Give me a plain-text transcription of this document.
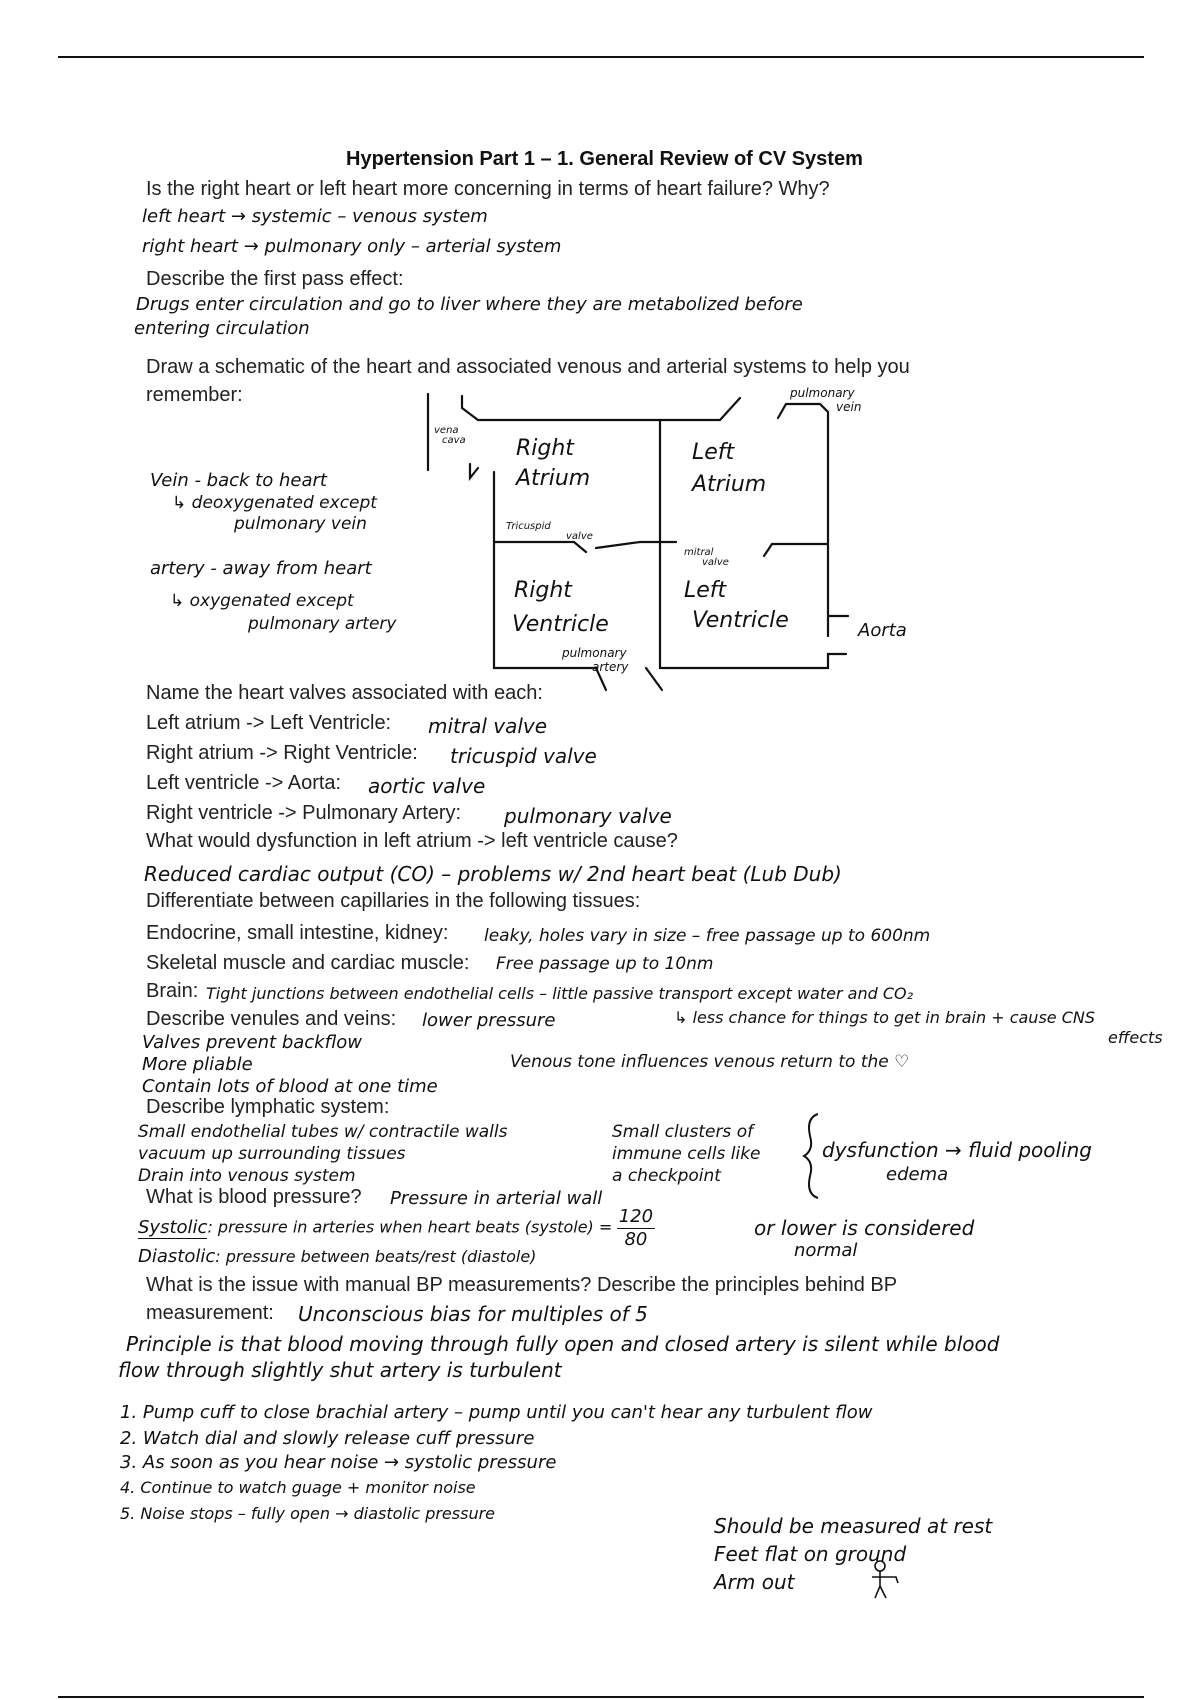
Hypertension Part 1 – 1. General Review of CV System
Is the right heart or left heart more concerning in terms of heart failure? Why?
left heart → systemic – venous system
right heart → pulmonary only – arterial system
Describe the first pass effect:
Drugs enter circulation and go to liver where they are metabolized before
entering circulation
Draw a schematic of the heart and associated venous and arterial systems to help you
remember:
Vein - back to heart
↳ deoxygenated except
pulmonary vein
artery - away from heart
↳ oxygenated except
pulmonary artery
vena
cava
pulmonary
vein
Right
Atrium
Left
Atrium
Tricuspid
valve
mitral
valve
Right
Ventricle
Left
Ventricle	Aorta
pulmonary
artery
Name the heart valves associated with each:
Left atrium -> Left Ventricle: mitral valve
Right atrium -> Right Ventricle: tricuspid valve
Left ventricle -> Aorta: aortic valve
Right ventricle -> Pulmonary Artery: pulmonary valve
What would dysfunction in left atrium -> left ventricle cause?
Reduced cardiac output (CO) – problems w/ 2nd heart beat (Lub Dub)
Differentiate between capillaries in the following tissues:
Endocrine, small intestine, kidney: leaky, holes vary in size – free passage up to 600nm
Skeletal muscle and cardiac muscle: Free passage up to 10nm
Brain: Tight junctions between endothelial cells – little passive transport except water and CO₂
Describe venules and veins: lower pressure	↳ less chance for things to get in brain + cause CNS
effects
Valves prevent backflow
More pliable	Venous tone influences venous return to the ♡
Contain lots of blood at one time
Describe lymphatic system:
Small endothelial tubes w/ contractile walls
vacuum up surrounding tissues
Drain into venous system
Small clusters of
immune cells like
a checkpoint
dysfunction → fluid pooling
edema
What is blood pressure? Pressure in arterial wall
Systolic: pressure in arteries when heart beats (systole) = $\frac{120}{80}$	or lower is considered
normal
Diastolic: pressure between beats/rest (diastole)
What is the issue with manual BP measurements? Describe the principles behind BP
measurement: Unconscious bias for multiples of 5
Principle is that blood moving through fully open and closed artery is silent while blood
flow through slightly shut artery is turbulent
1. Pump cuff to close brachial artery – pump until you can't hear any turbulent flow
2. Watch dial and slowly release cuff pressure
3. As soon as you hear noise → systolic pressure
4. Continue to watch guage + monitor noise
5. Noise stops – fully open → diastolic pressure
Should be measured at rest
Feet flat on ground
Arm out
